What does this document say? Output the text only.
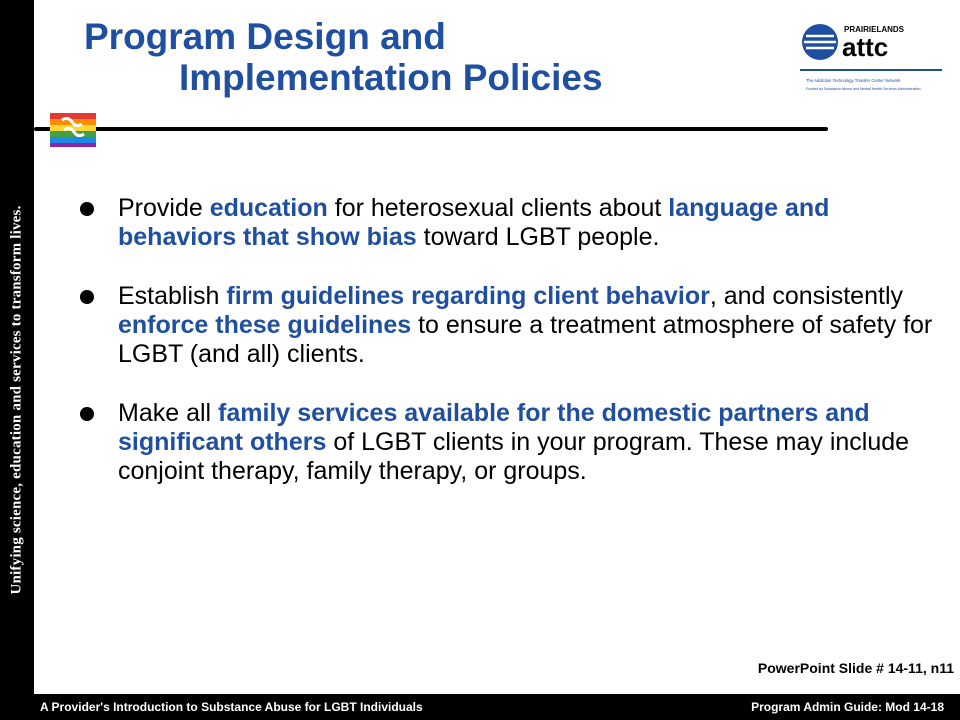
Unifying science, education and services to transform lives.
Program Design and
Implementation Policies
PRAIRIELANDS
attc
The Addiction Technology Transfer Center Network
Funded by Substance Abuse and Mental Health Services Administration
Provide education for heterosexual clients about language and behaviors that show bias toward LGBT people.
Establish firm guidelines regarding client behavior, and consistently enforce these guidelines to ensure a treatment atmosphere of safety for LGBT (and all) clients.
Make all family services available for the domestic partners and significant others of LGBT clients in your program. These may include conjoint therapy, family therapy, or groups.
PowerPoint Slide # 14-11, n11
A Provider's Introduction to Substance Abuse for LGBT Individuals	Program Admin Guide: Mod 14-18
